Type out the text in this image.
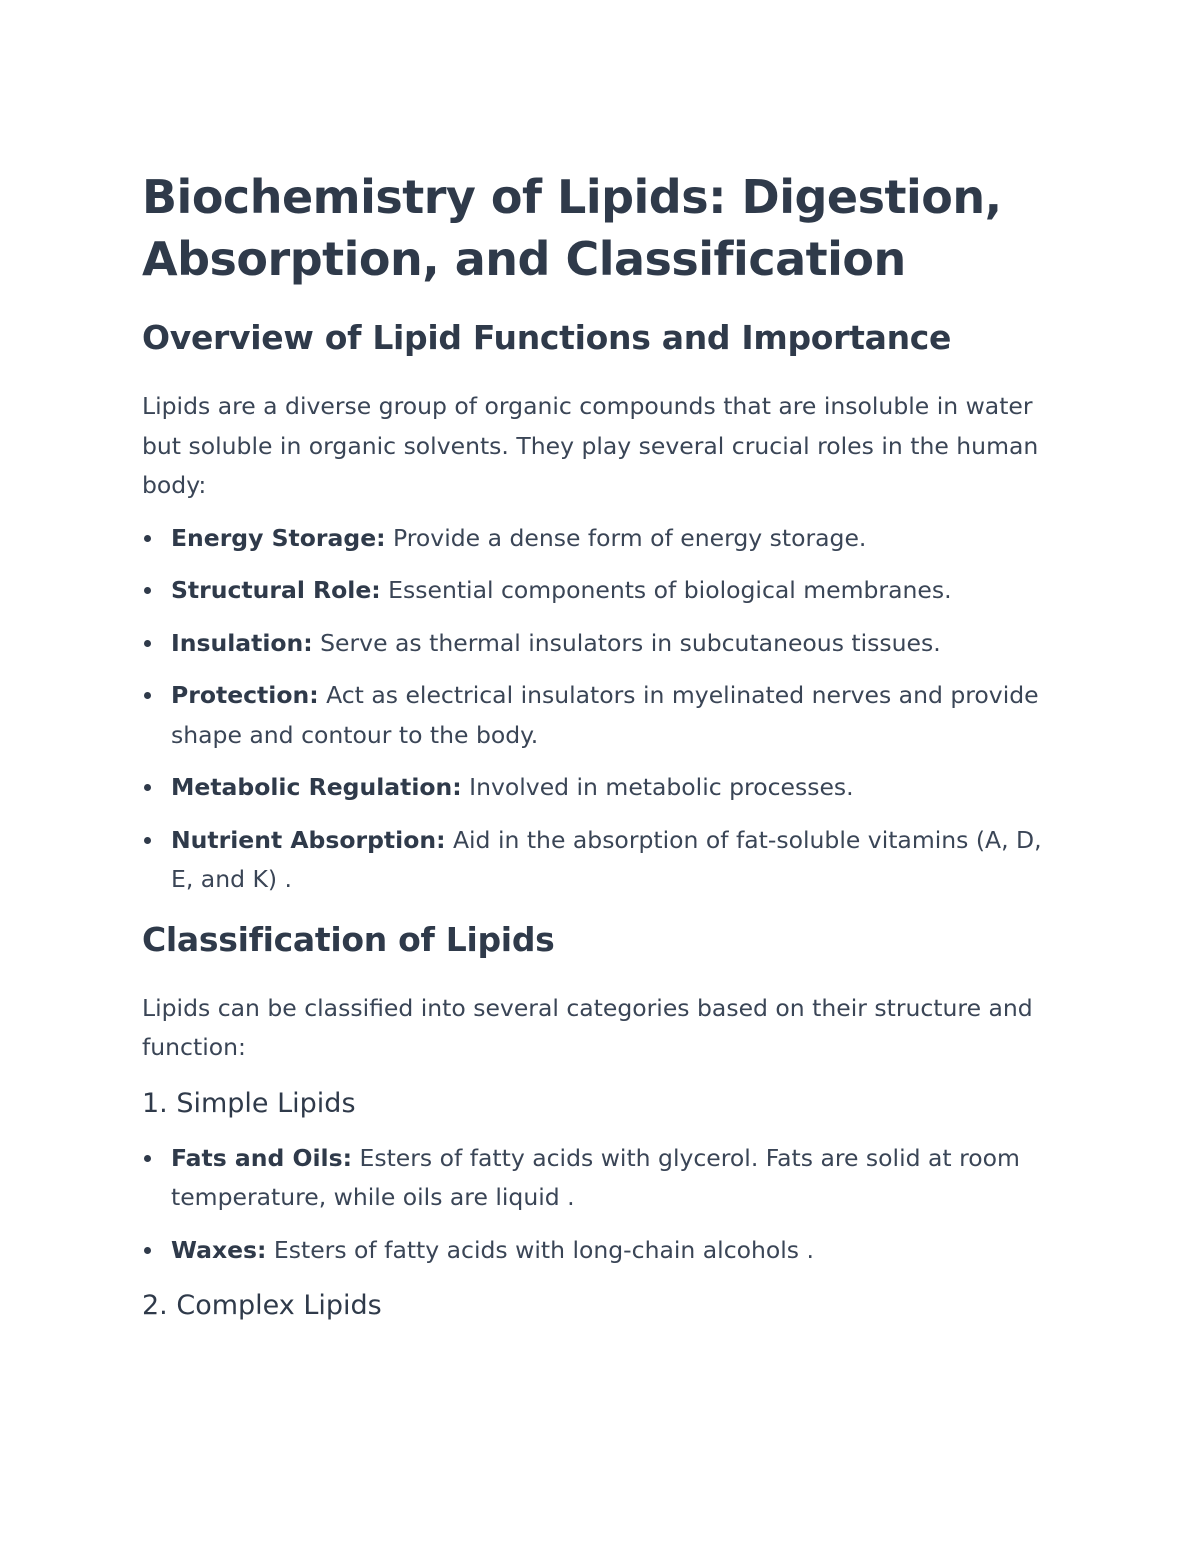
Biochemistry of Lipids: Digestion, Absorption, and Classification
Overview of Lipid Functions and Importance

Lipids are a diverse group of organic compounds that are insoluble in water but soluble in organic solvents. They play several crucial roles in the human body:

Energy Storage: Provide a dense form of energy storage.
Structural Role: Essential components of biological membranes.
Insulation: Serve as thermal insulators in subcutaneous tissues.
Protection: Act as electrical insulators in myelinated nerves and provide shape and contour to the body.
Metabolic Regulation: Involved in metabolic processes.
Nutrient Absorption: Aid in the absorption of fat-soluble vitamins (A, D, E, and K) .
Classification of Lipids

Lipids can be classified into several categories based on their structure and function:

1. Simple Lipids
Fats and Oils: Esters of fatty acids with glycerol. Fats are solid at room temperature, while oils are liquid .
Waxes: Esters of fatty acids with long-chain alcohols .
2. Complex Lipids
